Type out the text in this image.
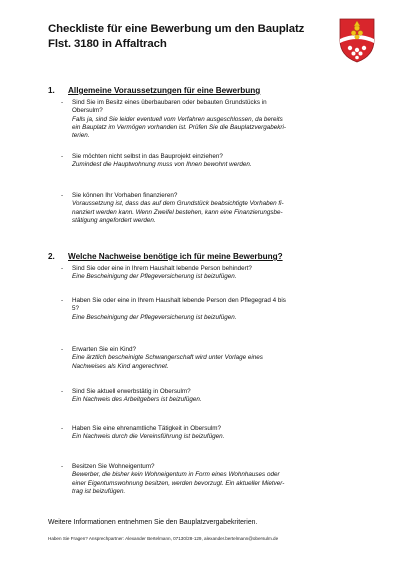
Checkliste für eine Bewerbung um den Bauplatz
Flst. 3180 in Affaltrach
1. Allgemeine Voraussetzungen für eine Bewerbung
- Sind Sie im Besitz eines überbaubaren oder bebauten Grundstücks in
Obersulm?
Falls ja, sind Sie leider eventuell vom Verfahren ausgeschlossen, da bereits
ein Bauplatz im Vermögen vorhanden ist. Prüfen Sie die Bauplatzvergabekri-
terien.
- Sie möchten nicht selbst in das Bauprojekt einziehen?
Zumindest die Hauptwohnung muss von Ihnen bewohnt werden.
- Sie können Ihr Vorhaben finanzieren?
Voraussetzung ist, dass das auf dem Grundstück beabsichtigte Vorhaben fi-
nanziert werden kann. Wenn Zweifel bestehen, kann eine Finanzierungsbe-
stätigung angefordert werden.
2. Welche Nachweise benötige ich für meine Bewerbung?
- Sind Sie oder eine in Ihrem Haushalt lebende Person behindert?
Eine Bescheinigung der Pflegeversicherung ist beizufügen.
- Haben Sie oder eine in Ihrem Haushalt lebende Person den Pflegegrad 4 bis
5?
Eine Bescheinigung der Pflegeversicherung ist beizufügen.
- Erwarten Sie ein Kind?
Eine ärztlich bescheinigte Schwangerschaft wird unter Vorlage eines
Nachweises als Kind angerechnet.
- Sind Sie aktuell erwerbstätig in Obersulm?
Ein Nachweis des Arbeitgebers ist beizufügen.
- Haben Sie eine ehrenamtliche Tätigkeit in Obersulm?
Ein Nachweis durch die Vereinsführung ist beizufügen.
- Besitzen Sie Wohneigentum?
Bewerber, die bisher kein Wohneigentum in Form eines Wohnhauses oder
einer Eigentumswohnung besitzen, werden bevorzugt. Ein aktueller Mietver-
trag ist beizufügen.
Weitere Informationen entnehmen Sie den Bauplatzvergabekriterien.
Haben Sie Fragen? Ansprechpartner: Alexander Bertelmann, 07130/28-129, alexander.bertelmann@obersulm.de
